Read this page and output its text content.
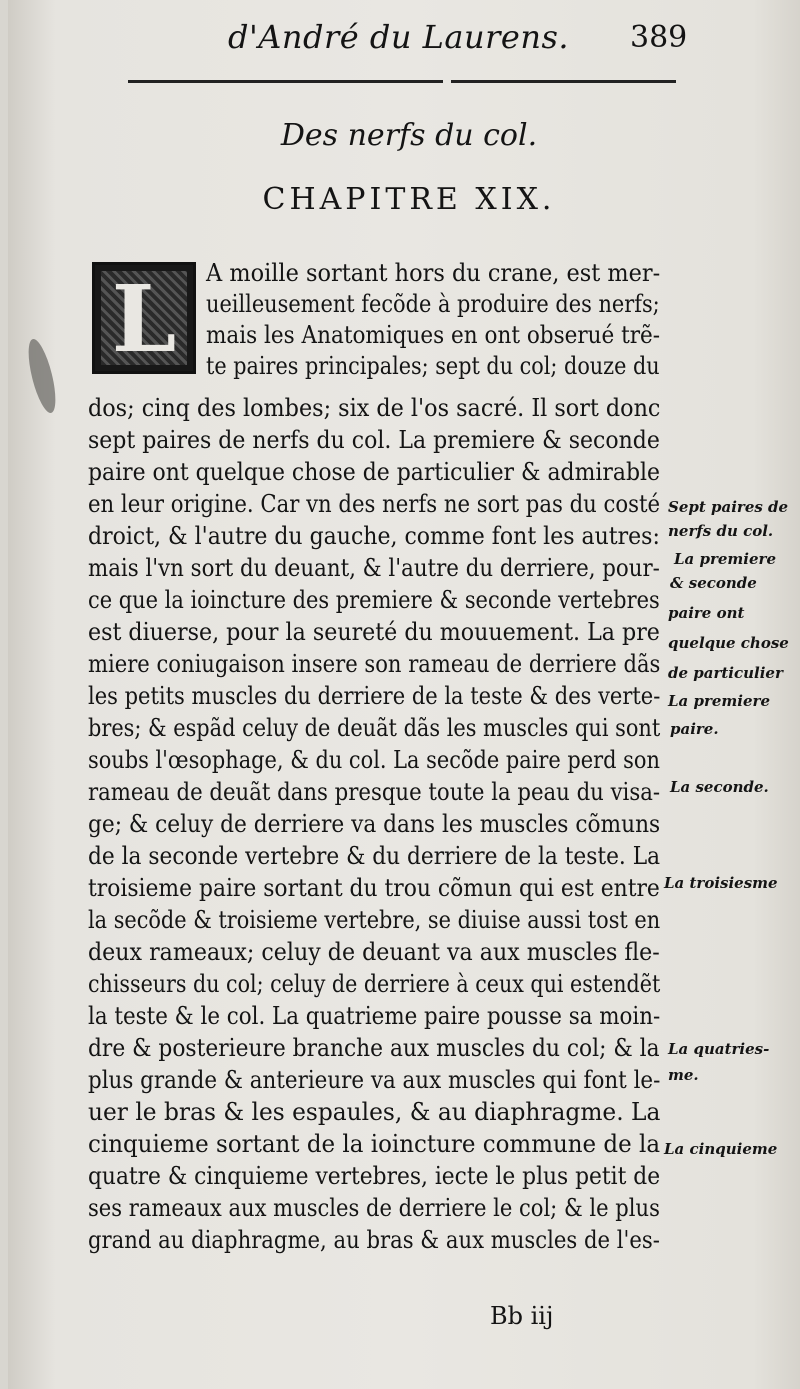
d'André du Laurens. 389
Des nerfs du col.
CHAPITRE XIX.
L	A moille sortant hors du crane, est mer-
ueilleusement fecõde à produire des nerfs;
mais les Anatomiques en ont obserué trẽ-
te paires principales; sept du col; douze du
dos; cinq des lombes; six de l'os sacré. Il sort donc
sept paires de nerfs du col. La premiere & seconde
paire ont quelque chose de particulier & admirable
en leur origine. Car vn des nerfs ne sort pas du costé
droict, & l'autre du gauche, comme font les autres:
mais l'vn sort du deuant, & l'autre du derriere, pour-
ce que la ioincture des premiere & seconde vertebres
est diuerse, pour la seureté du mouuement. La pre
miere coniugaison insere son rameau de derriere dãs
les petits muscles du derriere de la teste & des verte-
bres; & espãd celuy de deuãt dãs les muscles qui sont
soubs l'œsophage, & du col. La secõde paire perd son
rameau de deuãt dans presque toute la peau du visa-
ge; & celuy de derriere va dans les muscles cõmuns
de la seconde vertebre & du derriere de la teste. La
troisieme paire sortant du trou cõmun qui est entre
la secõde & troisieme vertebre, se diuise aussi tost en
deux rameaux; celuy de deuant va aux muscles fle-
chisseurs du col; celuy de derriere à ceux qui estendẽt
la teste & le col. La quatrieme paire pousse sa moin-
dre & posterieure branche aux muscles du col; & la
plus grande & anterieure va aux muscles qui font le-
uer le bras & les espaules, & au diaphragme. La
cinquieme sortant de la ioincture commune de la
quatre & cinquieme vertebres, iecte le plus petit de
ses rameaux aux muscles de derriere le col; & le plus
grand au diaphragme, au bras & aux muscles de l'es-
Sept paires de
nerfs du col.
La premiere
& seconde
paire ont
quelque chose
de particulier
La premiere
paire.
La seconde.
La troisiesme
La quatries-
me.
La cinquieme
Bb iij
